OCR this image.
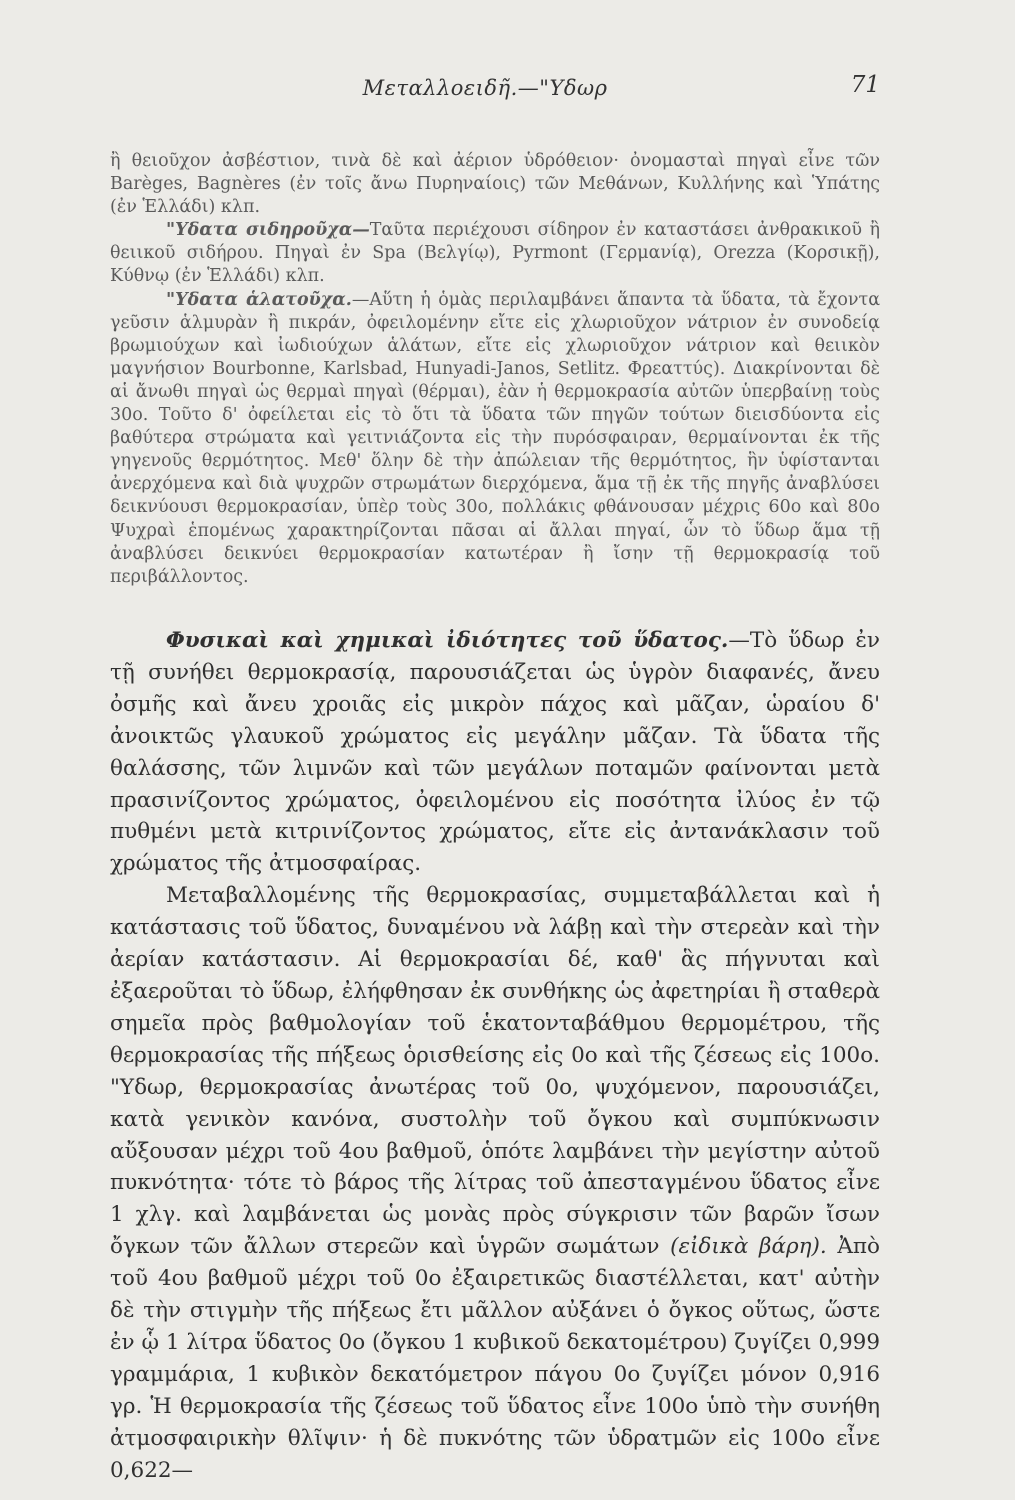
Μεταλλοειδῆ.—"Υδωρ	71

ἢ θειοῦχον ἀσβέστιον, τινὰ δὲ καὶ ἀέριον ὑδρόθειον· ὀνομασταὶ πηγαὶ εἶνε τῶν Barèges, Bagnères (ἐν τοῖς ἄνω Πυρηναίοις) τῶν Μεθάνων, Κυλλήνης καὶ Ὑπάτης (ἐν Ἑλλάδι) κλπ.

"Υδατα σιδηροῦχα—Ταῦτα περιέχουσι σίδηρον ἐν καταστάσει ἀνθρακικοῦ ἢ θειικοῦ σιδήρου. Πηγαὶ ἐν Spa (Βελγίῳ), Pyrmont (Γερμανίᾳ), Orezza (Κορσικῇ), Κύθνῳ (ἐν Ἑλλάδι) κλπ.

"Υδατα ἁλατοῦχα.—Αὕτη ἡ ὁμὰς περιλαμβάνει ἅπαντα τὰ ὕδατα, τὰ ἔχοντα γεῦσιν ἁλμυρὰν ἢ πικράν, ὀφειλομένην εἴτε εἰς χλωριοῦχον νάτριον ἐν συνοδείᾳ βρωμιούχων καὶ ἰωδιούχων ἁλάτων, εἴτε εἰς χλωριοῦχον νάτριον καὶ θειικὸν μαγνήσιον Bourbonne, Karlsbad, Hunyadi-Janos, Setlitz. Φρεαττύς). Διακρίνονται δὲ αἱ ἄνωθι πηγαὶ ὡς θερμαὶ πηγαὶ (θέρμαι), ἐὰν ἡ θερμοκρασία αὐτῶν ὑπερβαίνῃ τοὺς 30ο. Τοῦτο δ' ὀφείλεται εἰς τὸ ὅτι τὰ ὕδατα τῶν πηγῶν τούτων διεισδύοντα εἰς βαθύτερα στρώματα καὶ γειτνιάζοντα εἰς τὴν πυρόσφαιραν, θερμαίνονται ἐκ τῆς γηγενοῦς θερμότητος. Μεθ' ὅλην δὲ τὴν ἀπώλειαν τῆς θερμότητος, ἣν ὑφίστανται ἀνερχόμενα καὶ διὰ ψυχρῶν στρωμάτων διερχόμενα, ἅμα τῇ ἐκ τῆς πηγῆς ἀναβλύσει δεικνύουσι θερμοκρασίαν, ὑπὲρ τοὺς 30ο, πολλάκις φθάνουσαν μέχρις 60ο καὶ 80ο Ψυχραὶ ἑπομένως χαρακτηρίζονται πᾶσαι αἱ ἄλλαι πηγαί, ὧν τὸ ὕδωρ ἅμα τῇ ἀναβλύσει δεικνύει θερμοκρασίαν κατωτέραν ἢ ἴσην τῇ θερμοκρασίᾳ τοῦ περιβάλλοντος.

Φυσικαὶ καὶ χημικαὶ ἰδιότητες τοῦ ὕδατος.—Τὸ ὕδωρ ἐν τῇ συνήθει θερμοκρασίᾳ, παρουσιάζεται ὡς ὑγρὸν διαφανές, ἄνευ ὀσμῆς καὶ ἄνευ χροιᾶς εἰς μικρὸν πάχος καὶ μᾶζαν, ὡραίου δ' ἀνοικτῶς γλαυκοῦ χρώματος εἰς μεγάλην μᾶζαν. Τὰ ὕδατα τῆς θαλάσσης, τῶν λιμνῶν καὶ τῶν μεγάλων ποταμῶν φαίνονται μετὰ πρασινίζοντος χρώματος, ὀφειλομένου εἰς ποσότητα ἰλύος ἐν τῷ πυθμένι μετὰ κιτρινίζοντος χρώματος, εἴτε εἰς ἀντανάκλασιν τοῦ χρώματος τῆς ἀτμοσφαίρας.

Μεταβαλλομένης τῆς θερμοκρασίας, συμμεταβάλλεται καὶ ἡ κατάστασις τοῦ ὕδατος, δυναμένου νὰ λάβῃ καὶ τὴν στερεὰν καὶ τὴν ἀερίαν κατάστασιν. Αἱ θερμοκρασίαι δέ, καθ' ἃς πήγνυται καὶ ἐξαεροῦται τὸ ὕδωρ, ἐλήφθησαν ἐκ συνθήκης ὡς ἀφετηρίαι ἢ σταθερὰ σημεῖα πρὸς βαθμολογίαν τοῦ ἑκατονταβάθμου θερμομέτρου, τῆς θερμοκρασίας τῆς πήξεως ὁρισθείσης εἰς 0ο καὶ τῆς ζέσεως εἰς 100ο. "Υδωρ, θερμοκρασίας ἀνωτέρας τοῦ 0ο, ψυχόμενον, παρουσιάζει, κατὰ γενικὸν κανόνα, συστολὴν τοῦ ὄγκου καὶ συμπύκνωσιν αὔξουσαν μέχρι τοῦ 4ου βαθμοῦ, ὁπότε λαμβάνει τὴν μεγίστην αὐτοῦ πυκνότητα· τότε τὸ βάρος τῆς λίτρας τοῦ ἀπεσταγμένου ὕδατος εἶνε 1 χλγ. καὶ λαμβάνεται ὡς μονὰς πρὸς σύγκρισιν τῶν βαρῶν ἴσων ὄγκων τῶν ἄλλων στερεῶν καὶ ὑγρῶν σωμάτων (εἰδικὰ βάρη). Ἀπὸ τοῦ 4ου βαθμοῦ μέχρι τοῦ 0ο ἐξαιρετικῶς διαστέλλεται, κατ' αὐτὴν δὲ τὴν στιγμὴν τῆς πήξεως ἔτι μᾶλλον αὐξάνει ὁ ὄγκος οὕτως, ὥστε ἐν ᾧ 1 λίτρα ὕδατος 0ο (ὄγκου 1 κυβικοῦ δεκατομέτρου) ζυγίζει 0,999 γραμμάρια, 1 κυβικὸν δεκατόμετρον πάγου 0ο ζυγίζει μόνον 0,916 γρ. Ἡ θερμοκρασία τῆς ζέσεως τοῦ ὕδατος εἶνε 100ο ὑπὸ τὴν συνήθη ἀτμοσφαιρικὴν θλῖψιν· ἡ δὲ πυκνότης τῶν ὑδρατμῶν εἰς 100ο εἶνε 0,622—
